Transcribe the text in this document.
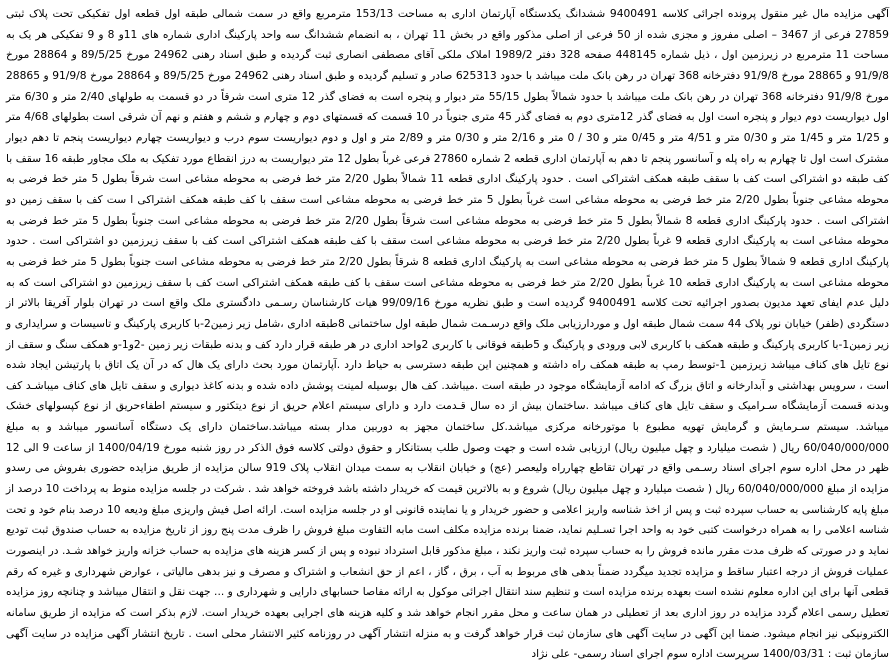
آگهی مزایده مال غیر منقول پرونده اجرائی کلاسه 9400491 ششدانگ یکدستگاه آپارتمان اداری به مساحت 153/13 مترمربع واقع در سمت شمالی طبقه اول قطعه اول تفکیکی تحت پلاک ثبتی 27859 فرعی از 3467 – اصلی مفروز و مجزی شده از 50 فرعی از اصلی مذکور واقع در بخش 11 تهران ، به انضمام ششدانگ سه واحد پارکینگ اداری شماره های 11و 8 و 9 تفکیکی هر یک به مساحت 11 مترمربع در زیرزمین اول ، ذیل شماره 448145 صفحه 328 دفتر 1989/2 املاک ملکی آقای مصطفی انصاری ثبت گردیده و طبق اسناد رهنی 24962 مورخ 89/5/25 و 28864 مورخ 91/9/8 و 28865 مورخ 91/9/8 دفترخانه 368 تهران در رهن بانک ملت میباشد با حدود 625313 صادر و تسلیم گردیده و طبق اسناد رهنی 24962 مورخ 89/5/25 و 28864 مورخ 91/9/8 و 28865 مورخ 91/9/8 دفترخانه 368 تهران در رهن بانک ملت میباشد با حدود شمالاً بطول 55/15 متر دیوار و پنجره است به فضای گذر 12 متری است شرقاً در دو قسمت به طولهای 2/40 متر و 6/30 متر اول دیواریست دوم دیوار و پنجره است اول به فضای گذر 12متری دوم به فضای گذر 45 متری جنوباً در 10 قسمت که قسمتهای دوم و چهارم و ششم و هفتم و نهم آن شرقی است بطولهای 4/68 متر و 1/25 متر و 1/45 متر و 0/30 متر و 4/51 متر و 0/45 متر و 30 / 0 متر و 2/16 متر و 0/30 متر و 2/89 متر و اول و دوم دیواریست سوم درب و دیواریست چهارم دیواریست پنجم تا دهم دیوار مشترک است اول تا چهارم به راه پله و آسانسور پنجم تا دهم به آپارتمان اداری قطعه 2 شماره 27860 فرعی غرباً بطول 12 متر دیواریست به درز انقطاع مورد تفکیک به ملک مجاور طبقه 16 سقف با کف طبقه دو اشتراکی است کف با سقف طبقه همکف اشتراکی است . حدود پارکینگ اداری قطعه 11 شمالاً بطول 2/20 متر خط فرضی به محوطه مشاعی است شرقاً بطول 5 متر خط فرضی به محوطه مشاعی جنوباً بطول 2/20 متر خط فرضی به محوطه مشاعی است غرباً بطول 5 متر خط فرضی به محوطه مشاعی است سقف با کف طبقه همکف اشتراکی ا ست کف با سقف زمین دو اشتراکی است . حدود پارکینگ اداری قطعه 8 شمالاً بطول 5 متر خط فرضی به محوطه مشاعی است شرقاً بطول 2/20 متر خط فرضی به محوطه مشاعی است جنوباً بطول 5 متر خط فرضی به محوطه مشاعی است به پارکینگ اداری قطعه 9 غرباً بطول 2/20 متر خط فرضی به محوطه مشاعی است سقف با کف طبقه همکف اشتراکی است کف با سقف زیرزمین دو اشتراکی است . حدود پارکینگ اداری قطعه 9 شمالاً بطول 5 متر خط فرضی به محوطه مشاعی است به پارکینگ اداری قطعه 8 شرقاً بطول 2/20 متر خط فرضی به محوطه مشاعی است جنوباً بطول 5 متر خط فرضی به محوطه مشاعی است به پارکینگ اداری قطعه 10 غرباً بطول 2/20 متر خط فرضی به محوطه مشاعی است سقف با کف طبقه همکف اشتراکی است کف با سقف زیرزمین دو اشتراکی است که به دلیل عدم ایفای تعهد مدیون بصدور اجرائیه تحت کلاسه 9400491 گردیده است و طبق نظریه مورخ 99/09/16 هیات کارشناسان رسـمی دادگستری ملک واقع است در تهران بلوار آفریقا بالاتر از دستگردی (ظفر) خیابان نور پلاک 44 سمت شمال طبقه اول و موردارزیابی ملک واقع درسـمت شمال طبقه اول ساختمانی 8طبقه اداری ،شامل زیر زمین2-با کاربری پارکینگ و تاسیسات و سرایداری و زیر زمین1-با کاربری پارکینگ و طبقه همکف با کاربری لابی ورودی و پارکینگ و 5طبقه فوقانی با کاربری 2واحد اداری در هر طبقه قرار دارد کف و بدنه طبقات زیر زمین -2و1-و همکف سنگ و سقف از نوع تایل های کناف میباشد زیرزمین 1-توسط رمپ به طبقه همکف راه داشته و همچنین این طبقه دسترسی به حیاط دارد .آپارتمان مورد بحث دارای یک هال که در آن یک اتاق با پارتیشن ایجاد شده است ، سرویس بهداشتی و آبدارخانه و اتاق بزرگ که ادامه آزمایشگاه موجود در طبقه است .میباشد. کف هال بوسیله لمینت پوشش داده شده و بدنه کاغذ دیواری و سقف تایل های کناف میباشـد کف وبدنه قسمت آزمایشگاه سـرامیک و سقف تایل های کناف میباشد .ساختمان بیش از ده سال قـدمت دارد و دارای سیستم اعلام حریق از نوع دیتکتور و سیستم اطفاءحریق از نوع کپسولهای خشک میباشد. سیستم سـرمایش و گرمایش تهویه مطبوع با موتورخانه مرکزی میباشد.کل ساختمان مجهز به دوربین مدار بسته میباشد.ساختمان دارای یک دستگاه آسانسور میباشد و به مبلغ 60/040/000/000 ریال ( شصت میلیارد و چهل میلیون ریال) ارزیابی شده است و جهت وصول طلب بستانکار و حقوق دولتی کلاسه فوق الذکر در روز شنبه مورخ 1400/04/19 از ساعت 9 الی 12 ظهر در محل اداره سوم اجرای اسناد رسـمی واقع در تهران تقاطع چهارراه ولیعصر (عج) و خیابان انقلاب به سمت میدان انقلاب پلاک 919 سالن مزایده از طریق مزایده حضوری بفروش می رسدو مزایده از مبلغ 60/040/000/000 ریال ( شصت میلیارد و چهل میلیون ریال) شروع و به بالاترین قیمت که خریدار داشته باشد فروخته خواهد شد . شرکت در جلسه مزایده منوط به پرداخت 10 درصد از مبلغ پایه کارشناسی به حساب سپرده ثبت و پس از اخذ شناسه واریز اعلامی و حضور خریدار و یا نماینده قانونی او در جلسه مزایده است. ارائه اصل فیش واریزی مبلغ ودیعه 10 درصد بنام خود و تحت شناسه اعلامی را به همراه درخواست کتبی خود به واحد اجرا تسـلیم نماید، ضمنا برنده مزایده مکلف است مابه التفاوت مبلغ فروش را ظرف مدت پنج روز از تاریخ مزایده به حساب صندوق ثبت تودیع نماید و در صورتی که ظرف مدت مقرر مانده فروش را به حساب سپرده ثبت واریز نکند ، مبلغ مذکور قابل استرداد نبوده و پس از کسر هزینه های مزایده به حساب خزانه واریز خواهد شـد. در اینصورت عملیات فروش از درجه اعتبار ساقط و مزایده تجدید میگردد ضمناً بدهی های مربوط به آب ، برق ، گاز ، اعم از حق انشعاب و اشتراک و مصرف و نیز بدهی مالیاتی ، عوارض شهرداری و غیره که رقم قطعی آنها برای این اداره معلوم نشده است بعهده برنده مزایده است و تنظیم سند انتقال اجرائی موکول به ارائه مفاصا حسابهای دارایی و شهرداری و ... جهت نقل و انتقال میباشد و چنانچه روز مزایده تعطیل رسمی اعلام گردد مزایده در روز اداری بعد از تعطیلی در همان ساعت و محل مقرر انجام خواهد شد و کلیه هزینه های اجرایی بعهده خریدار است. لازم بذکر است که مزایده از طریق سامانه الکترونیکی نیز انجام میشود. ضمنا این آگهی در سایت آگهی های سازمان ثبت قرار خواهد گرفت و به منزله انتشار آگهی در روزنامه کثیر الانتشار محلی است . تاریخ انتشار آگهی مزایده در سایت آگهی سازمان ثبت : 1400/03/31 سرپرست اداره سوم اجرای اسناد رسمی- علی نژاد
